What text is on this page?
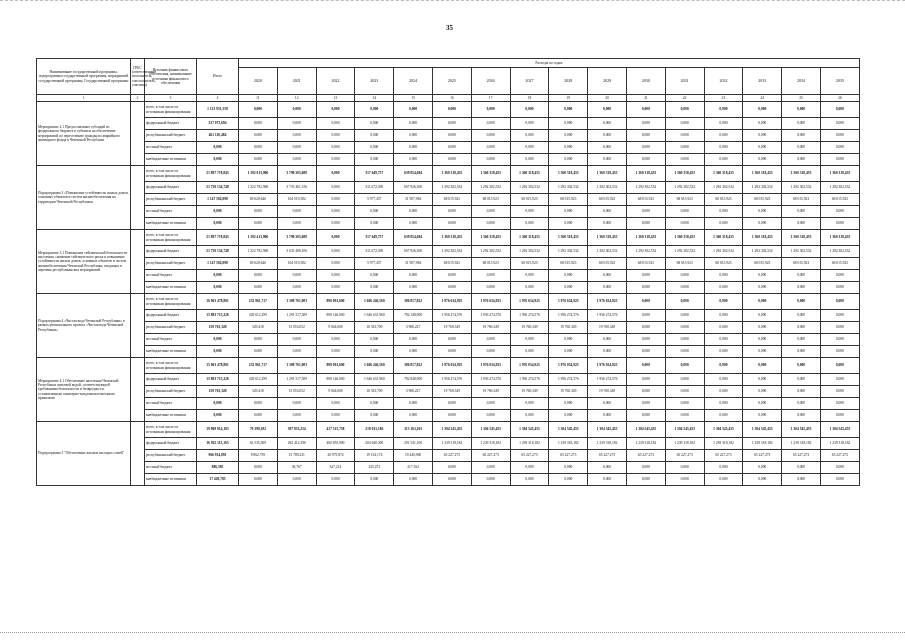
35
Наименование государственной программы, подпрограммы государственной программы, мероприятий государственной программы, Государственной программы	ГРБС (ответственный исполнитель, соисполнитель, участник)	Источник финансового обеспечения, наименование источника финансового обеспечения	Итого	Расходы по годам															
				2020	2021	2022	2023	2024	2025	2026	2027	2028	2029	2030	2031	2032	2033	2034	2035
1	2	3	4	11	12	13	14	15	16	17	18	19	20	21	22	23	24	25	26
Мероприятие 2.1 Предоставление субсидий из федерального бюджета в субъекты на обеспечение мероприятий по переселению граждан из аварийного жилищного фонда в Чеченской Республике		всего, в том числе по источникам финансирования	1 123 951,558	0,000	0,000	0,000	0,000	0,000	0,000	0,000	0,000	0,000	0,000	0,000	0,000	0,000	0,000	0,000	0,000
		федеральный бюджет	557 075,694	0,000	0,000	0,000	0,000	0,000	0,000	0,000	0,000	0,000	0,000	0,000	0,000	0,000	0,000	0,000	0,000
		республиканский бюджет	461 116,484	0,000	0,000	0,000	0,000	0,000	0,000	0,000	0,000	0,000	0,000	0,000	0,000	0,000	0,000	0,000	0,000
		местный бюджет	0,000	0,000	0,000	0,000	0,000	0,000	0,000	0,000	0,000	0,000	0,000	0,000	0,000	0,000	0,000	0,000	0,000
		внебюджетные источники	0,000	0,000	0,000	0,000	0,000	0,000	0,000	0,000	0,000	0,000	0,000	0,000	0,000	0,000	0,000	0,000	0,000
Подпрограмма 3 «Повышение устойчивости жилых домов, основных объектов и систем жизнеобеспечения на территории Чеченской Республики»		всего, в том числе по источникам финансирования	21 897 718,843	1 392 013,906	3 798 205,688	0,000	317 649,757	639 854,684	1 360 318,455	1 360 318,455	1 360 318,455	1 360 318,455	1 360 318,455	1 360 318,455	1 360 318,455	1 360 318,455	1 360 318,455	1 360 318,455	1 360 318,455
		федеральный бюджет	21 750 154,748	1 322 792,960	3 733 461,156	0,000	311 672,300	607 926,300	1 292 302,532	1 292 302,532	1 292 302,532	1 292 302,532	1 292 302,532	1 292 302,532	1 292 302,532	1 292 302,532	1 292 302,532	1 292 302,532	1 292 302,532
		республиканский бюджет	1 147 582,098	69 620,646	164 519,582	0,000	5 977,457	31 907,984	68 015,923	68 015,923	68 015,923	68 015,923	68 015,923	68 015,923	68 015,923	68 015,923	68 015,923	68 015,923	68 015,923
		местный бюджет	0,000	0,000	0,000	0,000	0,000	0,000	0,000	0,000	0,000	0,000	0,000	0,000	0,000	0,000	0,000	0,000	0,000
		внебюджетные источники	0,000	0,000	0,000	0,000	0,000	0,000	0,000	0,000	0,000	0,000	0,000	0,000	0,000	0,000	0,000	0,000	0,000
Мероприятие 3.1 Повышение сейсмической безопасности населения, снижение сейсмического риска и повышение устойчивости жилых домов, основных объектов и систем жизнеобеспечения Чеченской Республики, входящих в перечень республиканских мероприятий		всего, в том числе по источникам финансирования	21 897 718,843	1 392 413,906	3 798 205,688	0,000	317 649,757	639 854,684	1 360 318,455	1 360 318,455	1 360 318,455	1 360 318,455	1 360 318,455	1 360 318,455	1 360 318,455	1 360 318,455	1 360 318,455	1 360 318,455	1 360 318,455
		федеральный бюджет	21 750 154,748	1 322 792,960	3 633 486,106	0,000	311 672,300	607 926,300	1 292 302,532	1 292 302,532	1 292 302,532	1 292 302,532	1 292 302,532	1 292 302,532	1 292 302,532	1 292 302,532	1 292 302,532	1 292 302,532	1 292 302,532
		республиканский бюджет	1 147 582,098	69 620,646	164 519,582	0,000	5 977,457	31 907,984	68 015,923	68 015,923	68 015,923	68 015,923	68 015,923	68 015,923	68 015,923	68 015,923	68 015,923	68 015,923	68 015,923
		местный бюджет	0,000	0,000	0,000	0,000	0,000	0,000	0,000	0,000	0,000	0,000	0,000	0,000	0,000	0,000	0,000	0,000	0,000
		внебюджетные источники	0,000	0,000	0,000	0,000	0,000	0,000	0,000	0,000	0,000	0,000	0,000	0,000	0,000	0,000	0,000	0,000	0,000
Подпрограмма 4 «Чистая вода Чеченской Республики» в рамках регионального проекта «Чистая вода Чеченской Республики»		всего, в том числе по источникам финансирования	16 963 478,801	232 961,717	1 308 761,003	890 001,600	1 666 246,560	386 817,822	1 976 634,925	1 976 634,925	1 976 634,925	1 976 634,925	1 976 634,925	0,000	0,000	0,000	0,000	0,000	0,000
		федеральный бюджет	15 883 715,226	329 612,299	1 291 517,309	890 146,600	1 646 631,960	782 148,900	1 956 274,576	1 956 274,576	1 956 274,576	1 956 274,576	1 956 274,576	0,000	0,000	0,000	0,000	0,000	0,000
		республиканский бюджет	159 763,349	329,418	13 053,052	9 044,000	16 333,700	3 968,227	19 760,349	19 760,349	19 760,349	19 760,349	19 760,349	0,000	0,000	0,000	0,000	0,000	0,000
		местный бюджет	0,000	0,000	0,000	0,000	0,000	0,000	0,000	0,000	0,000	0,000	0,000	0,000	0,000	0,000	0,000	0,000	0,000
		внебюджетные источники	0,000	0,000	0,000	0,000	0,000	0,000	0,000	0,000	0,000	0,000	0,000	0,000	0,000	0,000	0,000	0,000	0,000
Мероприятие 4.1 Обеспечение населения Чеченской Республики питьевой водой, соответствующей требованиям безопасности и безвредности, установленным санитарно-эпидемиологическими правилами		всего, в том числе по источникам финансирования	15 963 478,801	232 961,717	1 308 761,003	899 001,600	1 666 246,560	386 817,822	1 976 034,925	1 976 034,925	1 976 034,925	1 976 034,925	1 976 034,925	0,000	0,000	0,000	0,000	0,000	0,000
		федеральный бюджет	15 803 715,226	329 612,299	1 291 517,509	890 146,600	1 646 631,960	782 848,900	1 956 274,576	1 956 274,576	1 956 274,576	1 956 274,576	1 956 274,576	0,000	0,000	0,000	0,000	0,000	0,000
		республиканский бюджет	159 763,349	329,418	13 053,052	9 044,000	16 333,700	3 968,227	19 760,349	19 760,349	19 760,349	19 760,349	19 760,349	0,000	0,000	0,000	0,000	0,000	0,000
		местный бюджет	0,000	0,000	0,000	0,000	0,000	0,000	0,000	0,000	0,000	0,000	0,000	0,000	0,000	0,000	0,000	0,000	0,000
		внебюджетные источники	0,000	0,000	0,000	0,000	0,000	0,000	0,000	0,000	0,000	0,000	0,000	0,000	0,000	0,000	0,000	0,000	0,000
Подпрограмма 5 "Обеспечение жильем молодых семей"		всего, в том числе по источникам финансирования	19 869 914,103	70 398,182	397 833,254	417 515,758	218 033,186	313 163,263	1 304 545,455	1 304 545,455	1 304 545,455	1 304 545,455	1 304 545,455	1 304 545,455	1 304 545,455	1 304 545,455	1 304 545,455	1 304 545,455	1 304 545,455
		федеральный бюджет	16 925 115,165	61 535,309	292 412,390	400 855,900	204 640,300	291 541,100	1 239 318,182	1 239 318,182	1 239 318,182	1 239 318,182	1 239 318,182	1 239 318,182	1 239 318,182	1 239 318,182	1 239 318,182	1 239 318,182	1 239 318,182
		республиканский бюджет	966 914,891	8 862,739	15 789,231	20 975,874	19 154,174	19 440,960	65 227,273	65 227,273	65 227,273	65 227,273	65 227,273	65 227,273	65 227,273	65 227,273	65 227,273	65 227,273	65 227,273
		местный бюджет	886,595	0,000	30,767	627,214	235,472	217,163	0,000	0,000	0,000	0,000	0,000	0,000	0,000	0,000	0,000	0,000	0,000
		внебюджетные источники	17 420,785	0,000	0,000	0,000	0,000	0,000	0,000	0,000	0,000	0,000	0,000	0,000	0,000	0,000	0,000	0,000	0,000
